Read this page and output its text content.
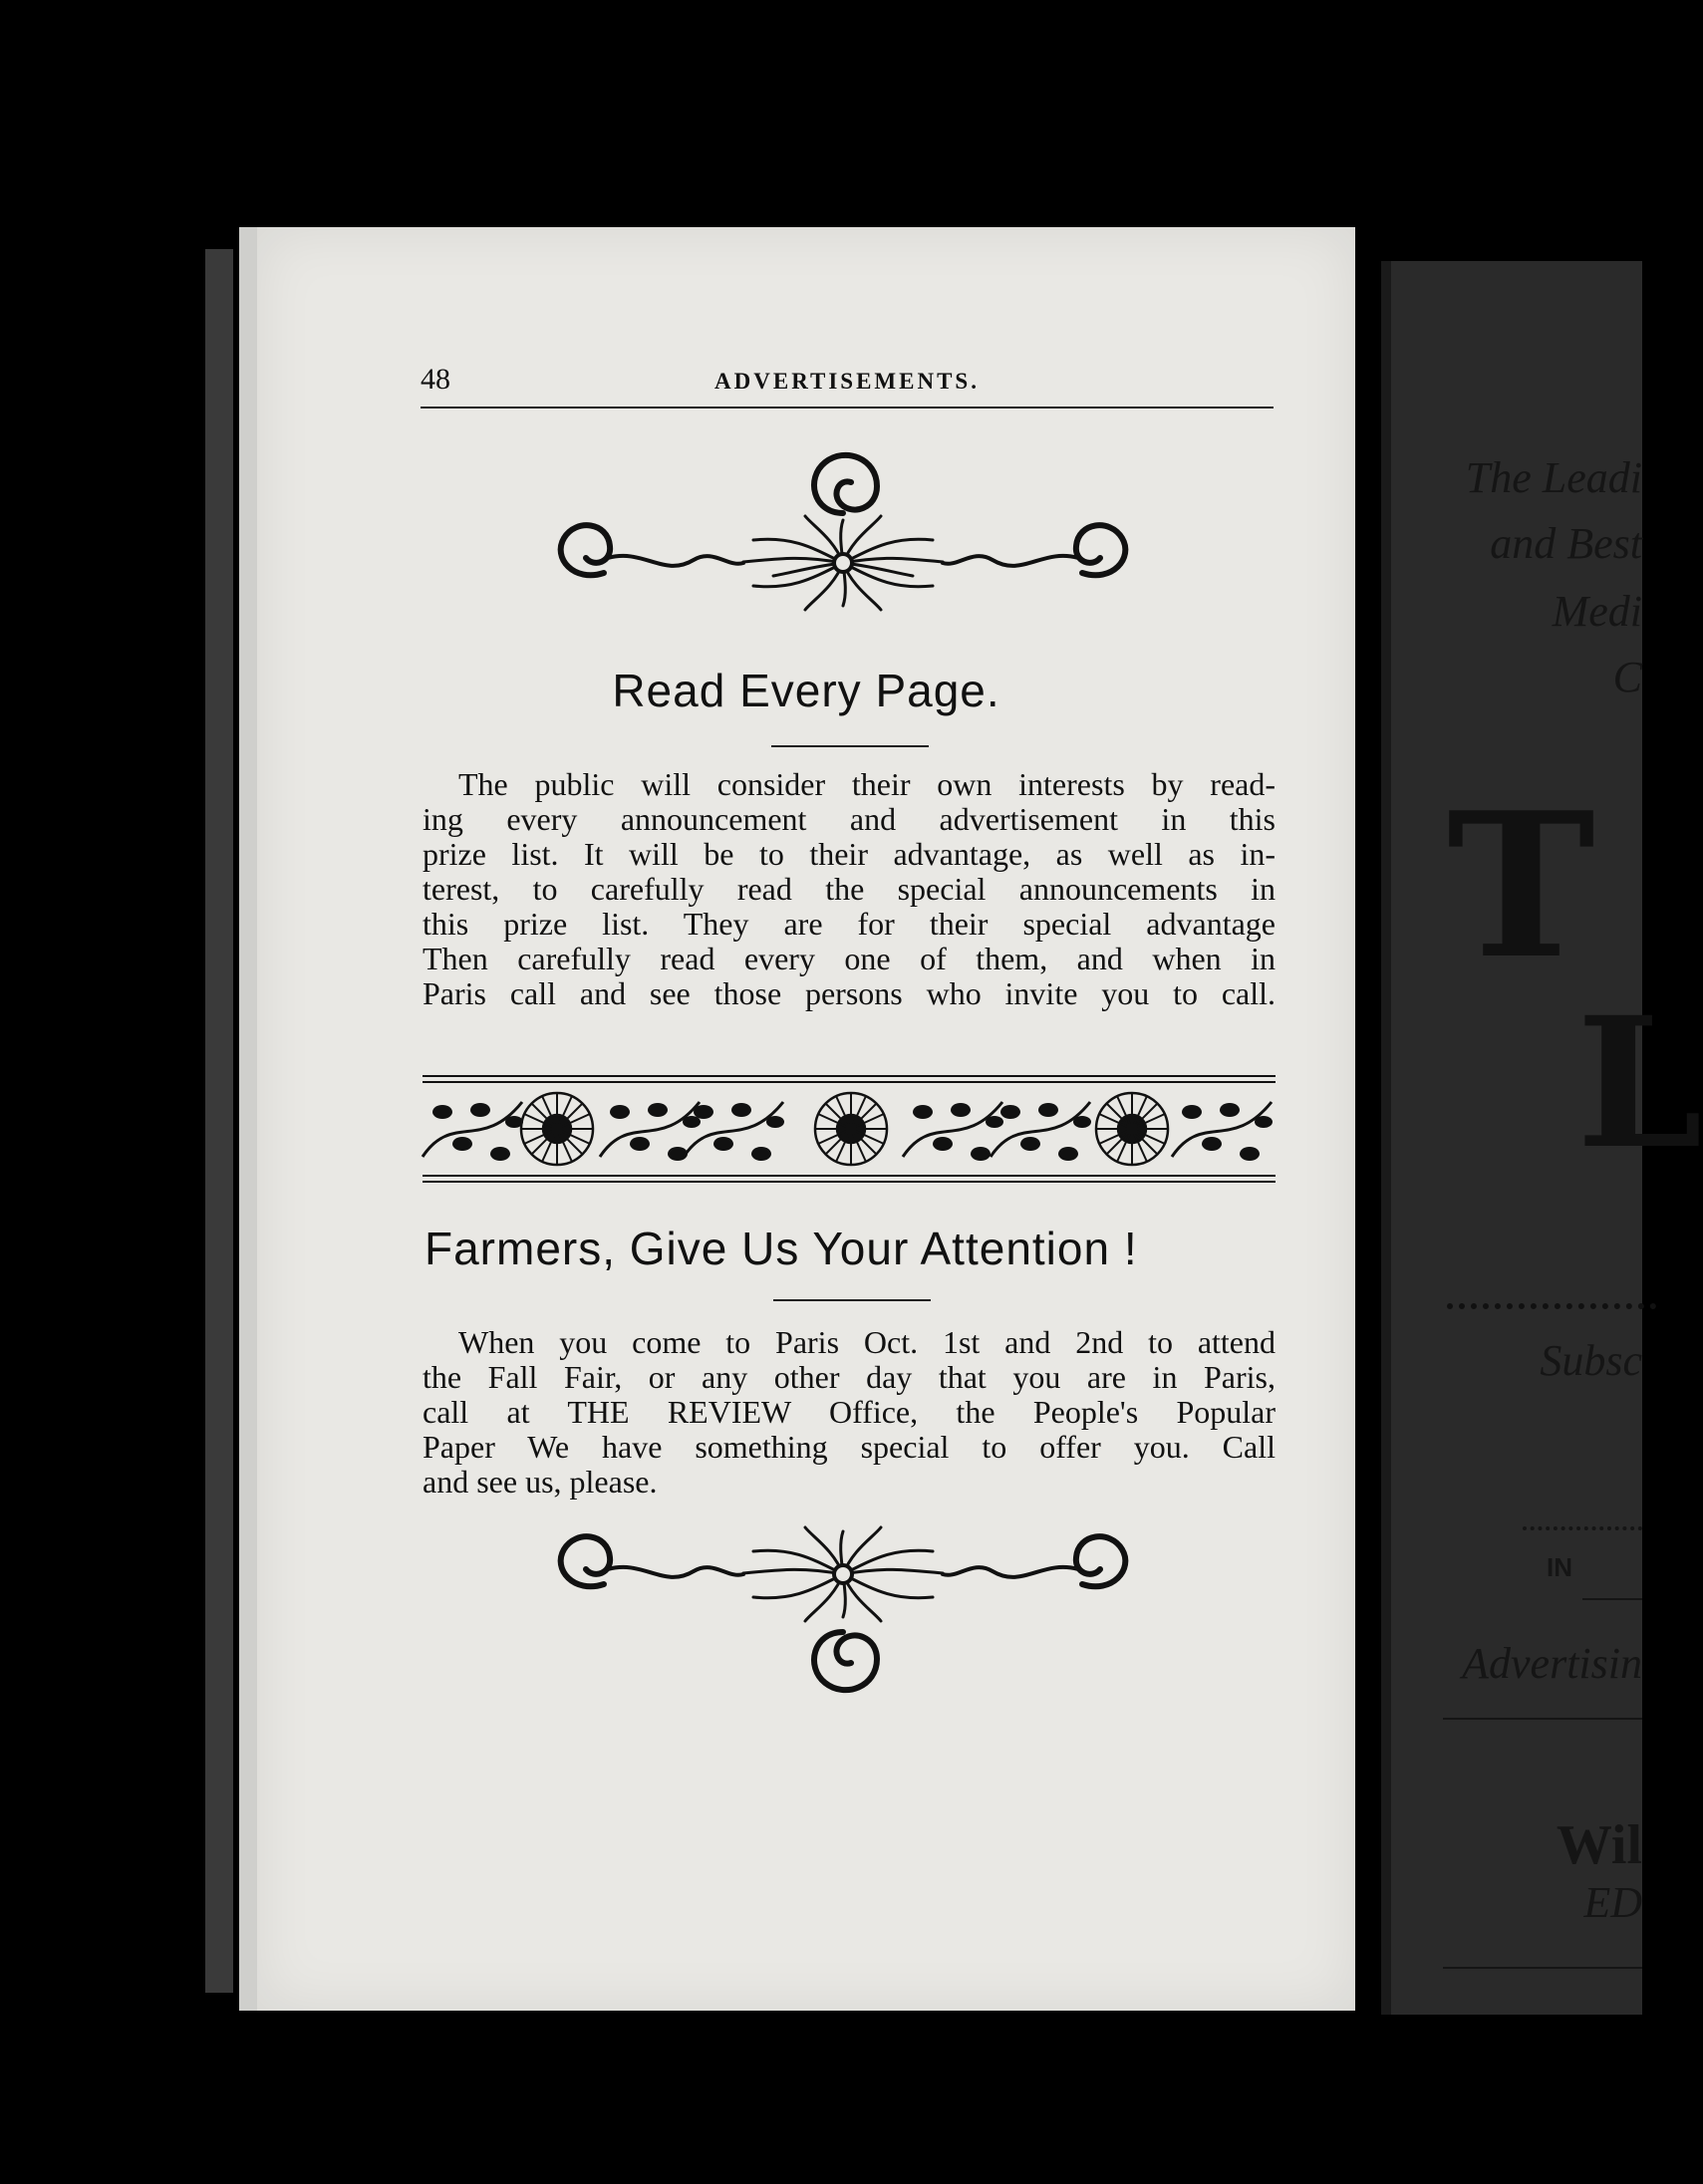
48	ADVERTISEMENTS.
Read Every Page.
The public will consider their own interests by read-
ing every announcement and advertisement in this
prize list. It will be to their advantage, as well as in-
terest, to carefully read the special announcements in
this prize list. They are for their special advantage
Then carefully read every one of them, and when in
Paris call and see those persons who invite you to call.
Farmers, Give Us Your Attention !
When you come to Paris Oct. 1st and 2nd to attend
the Fall Fair, or any other day that you are in Paris,
call at THE REVIEW Office, the People's Popular
Paper We have something special to offer you. Call
and see us, please.
The Leadi
and Best
Medi
C
T
L
Subsc
IN
Advertisin
Wil
ED
